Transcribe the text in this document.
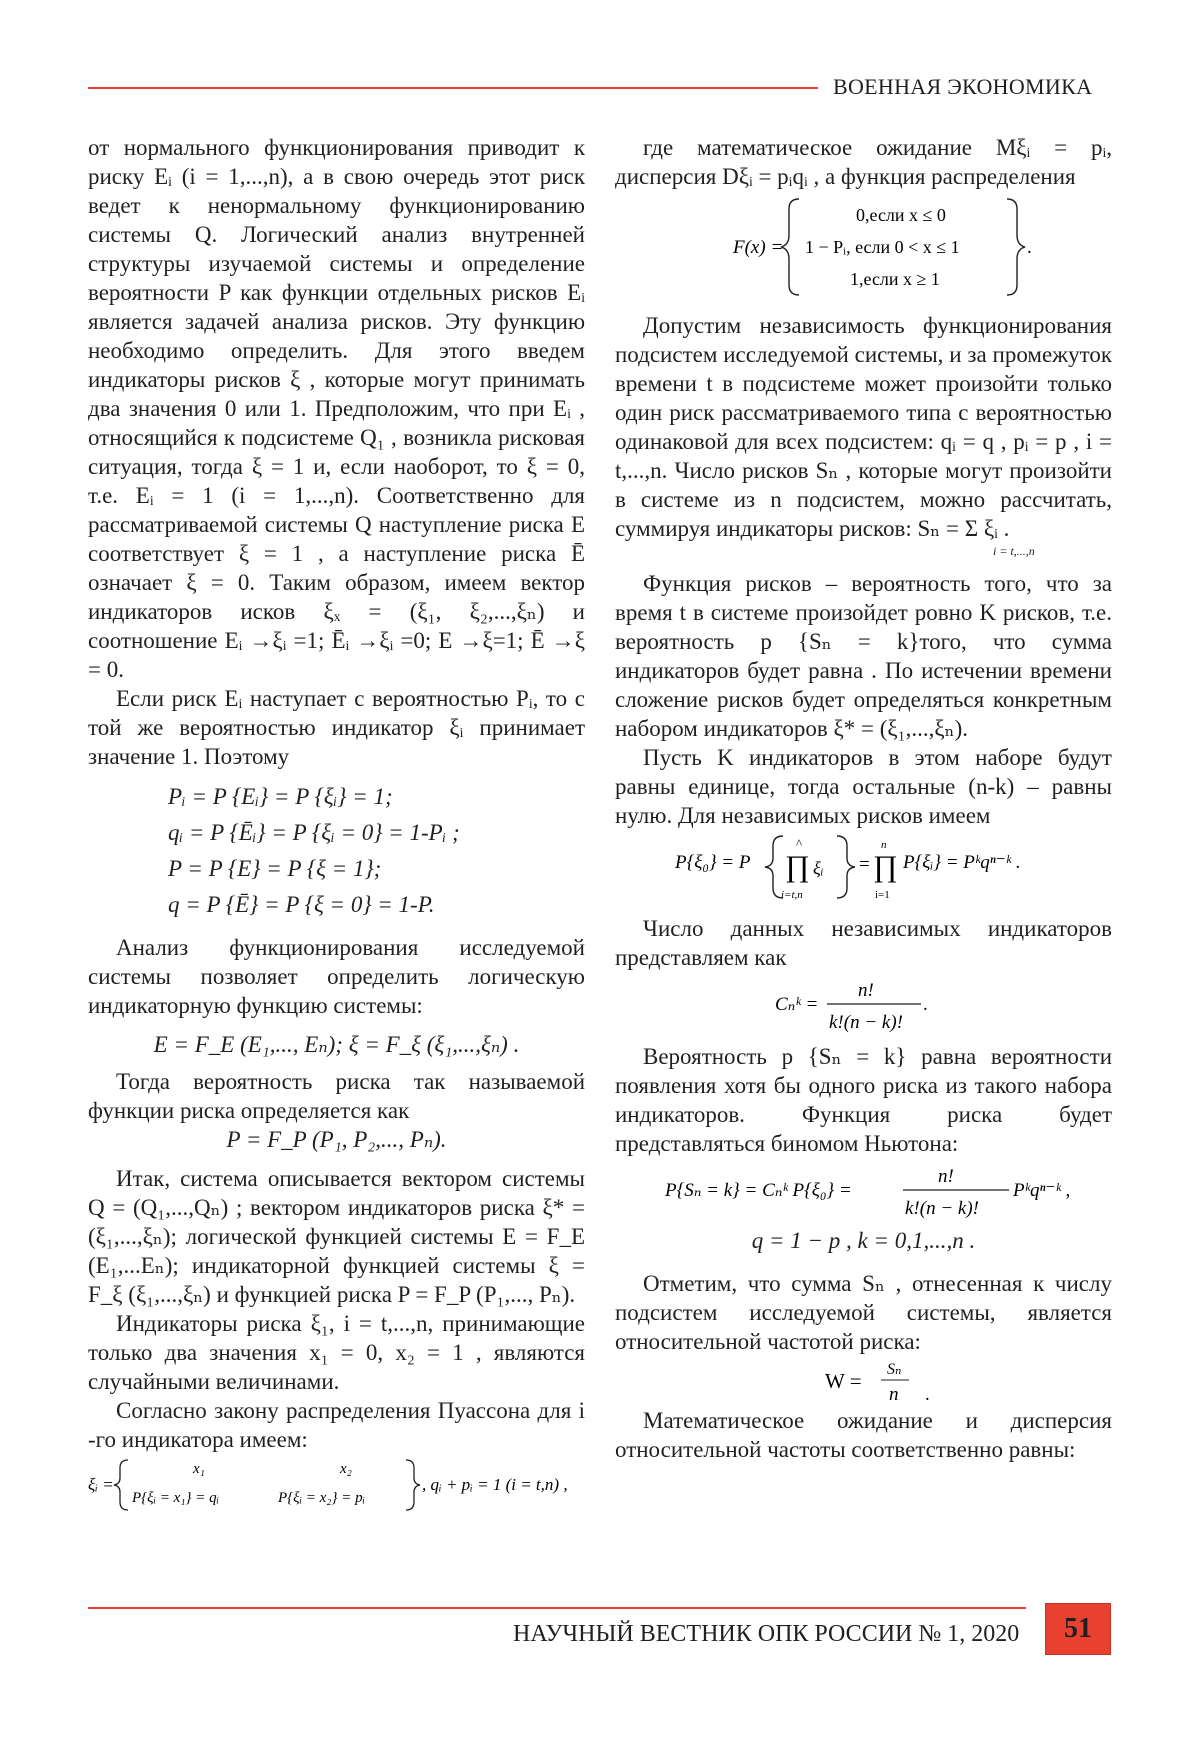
ВОЕННАЯ ЭКОНОМИКА

от нормального функционирования приводит к риску Eᵢ (i = 1,...,n), а в свою очередь этот риск ведет к ненормальному функционированию системы Q. Логический анализ внутренней структуры изучаемой системы и определение вероятности P как функции отдельных рисков Eᵢ является задачей анализа рисков. Эту функцию необходимо определить. Для этого введем индикаторы рисков ξ , которые могут принимать два значения 0 или 1. Предположим, что при Eᵢ , относящийся к подсистеме Q₁ , возникла рисковая ситуация, тогда ξ = 1 и, если наоборот, то ξ = 0, т.е. Eᵢ = 1 (i = 1,...,n). Соответственно для рассматриваемой системы Q наступление риска E соответствует ξ = 1 , а наступление риска Ē означает ξ = 0. Таким образом, имеем вектор индикаторов исков ξₓ = (ξ₁, ξ₂,...,ξₙ) и соотношение Eᵢ →ξᵢ =1; Ēᵢ →ξᵢ =0; E →ξ=1; Ē →ξ = 0.

Если риск Eᵢ наступает с вероятностью Pᵢ, то с той же вероятностью индикатор ξᵢ принимает значение 1. Поэтому

Pᵢ = P {Eᵢ} = P {ξᵢ} = 1;

qᵢ = P {Ēᵢ} = P {ξᵢ = 0} = 1-Pᵢ ;

P = P {E} = P {ξ = 1};

q = P {Ē} = P {ξ = 0} = 1-P.

Анализ функционирования исследуемой системы позволяет определить логическую индикаторную функцию системы:

E = F_E (E₁,..., Eₙ); ξ = F_ξ (ξ₁,...,ξₙ) .

Тогда вероятность риска так называемой функции риска определяется как

P = F_P (P₁, P₂,..., Pₙ).

Итак, система описывается вектором системы Q = (Q₁,...,Qₙ) ; вектором индикаторов риска ξ* = (ξ₁,...,ξₙ); логической функцией системы E = F_E (E₁,...Eₙ); индикаторной функцией системы ξ = F_ξ (ξ₁,...,ξₙ) и функцией риска P = F_P (P₁,..., Pₙ).

Индикаторы риска ξ₁, i = t,...,n, принимающие только два значения x₁ = 0, x₂ = 1 , являются случайными величинами.

Согласно закону распределения Пуассона для i -го индикатора имеем:

ξᵢ =
x₁	x₂
P{ξᵢ = x₁} = qᵢ	P{ξᵢ = x₂} = pᵢ
, qᵢ + pᵢ = 1 (i = t,n) ,

где математическое ожидание Mξᵢ = pᵢ, дисперсия Dξᵢ = pᵢqᵢ , а функция распределения

F(x) =
0,если x ≤ 0
1 − Pᵢ, если 0 < x ≤ 1
1,если x ≥ 1
.

Допустим независимость функционирования подсистем исследуемой системы, и за промежуток времени t в подсистеме может произойти только один риск рассматриваемого типа с вероятностью одинаковой для всех подсистем: qᵢ = q , pᵢ = p , i = t,...,n. Число рисков Sₙ , которые могут произойти в системе из n подсистем, можно рассчитать, суммируя индикаторы рисков: Sₙ = Σ ξᵢ .

i = t,...,n

Функция рисков – вероятность того, что за время t в системе произойдет ровно K рисков, т.е. вероятность p {Sₙ = k}того, что сумма индикаторов будет равна . По истечении времени сложение рисков будет определяться конкретным набором индикаторов ξ* = (ξ₁,...,ξₙ).

Пусть K индикаторов в этом наборе будут равны единице, тогда остальные (n-k) – равны нулю. Для независимых рисков имеем

P{ξ₀} = P ∏
^
ξᵢ
i=t,n
=
n
∏
i=1
P{ξᵢ} = Pᵏqⁿ⁻ᵏ .

Число данных независимых индикаторов представляем как

Cₙᵏ =
n!
k!(n − k)!
.

Вероятность p {Sₙ = k} равна вероятности появления хотя бы одного риска из такого набора индикаторов. Функция риска будет представляться биномом Ньютона:

P{Sₙ = k} = Cₙᵏ P{ξ₀} =
n!
k!(n − k)!
Pᵏqⁿ⁻ᵏ ,

q = 1 − p , k = 0,1,...,n .

Отметим, что сумма Sₙ , отнесенная к числу подсистем исследуемой системы, является относительной частотой риска:

W = Sₙ
n .

Математическое ожидание и дисперсия относительной частоты соответственно равны:

НАУЧНЫЙ ВЕСТНИК ОПК РОССИИ № 1, 2020	51
